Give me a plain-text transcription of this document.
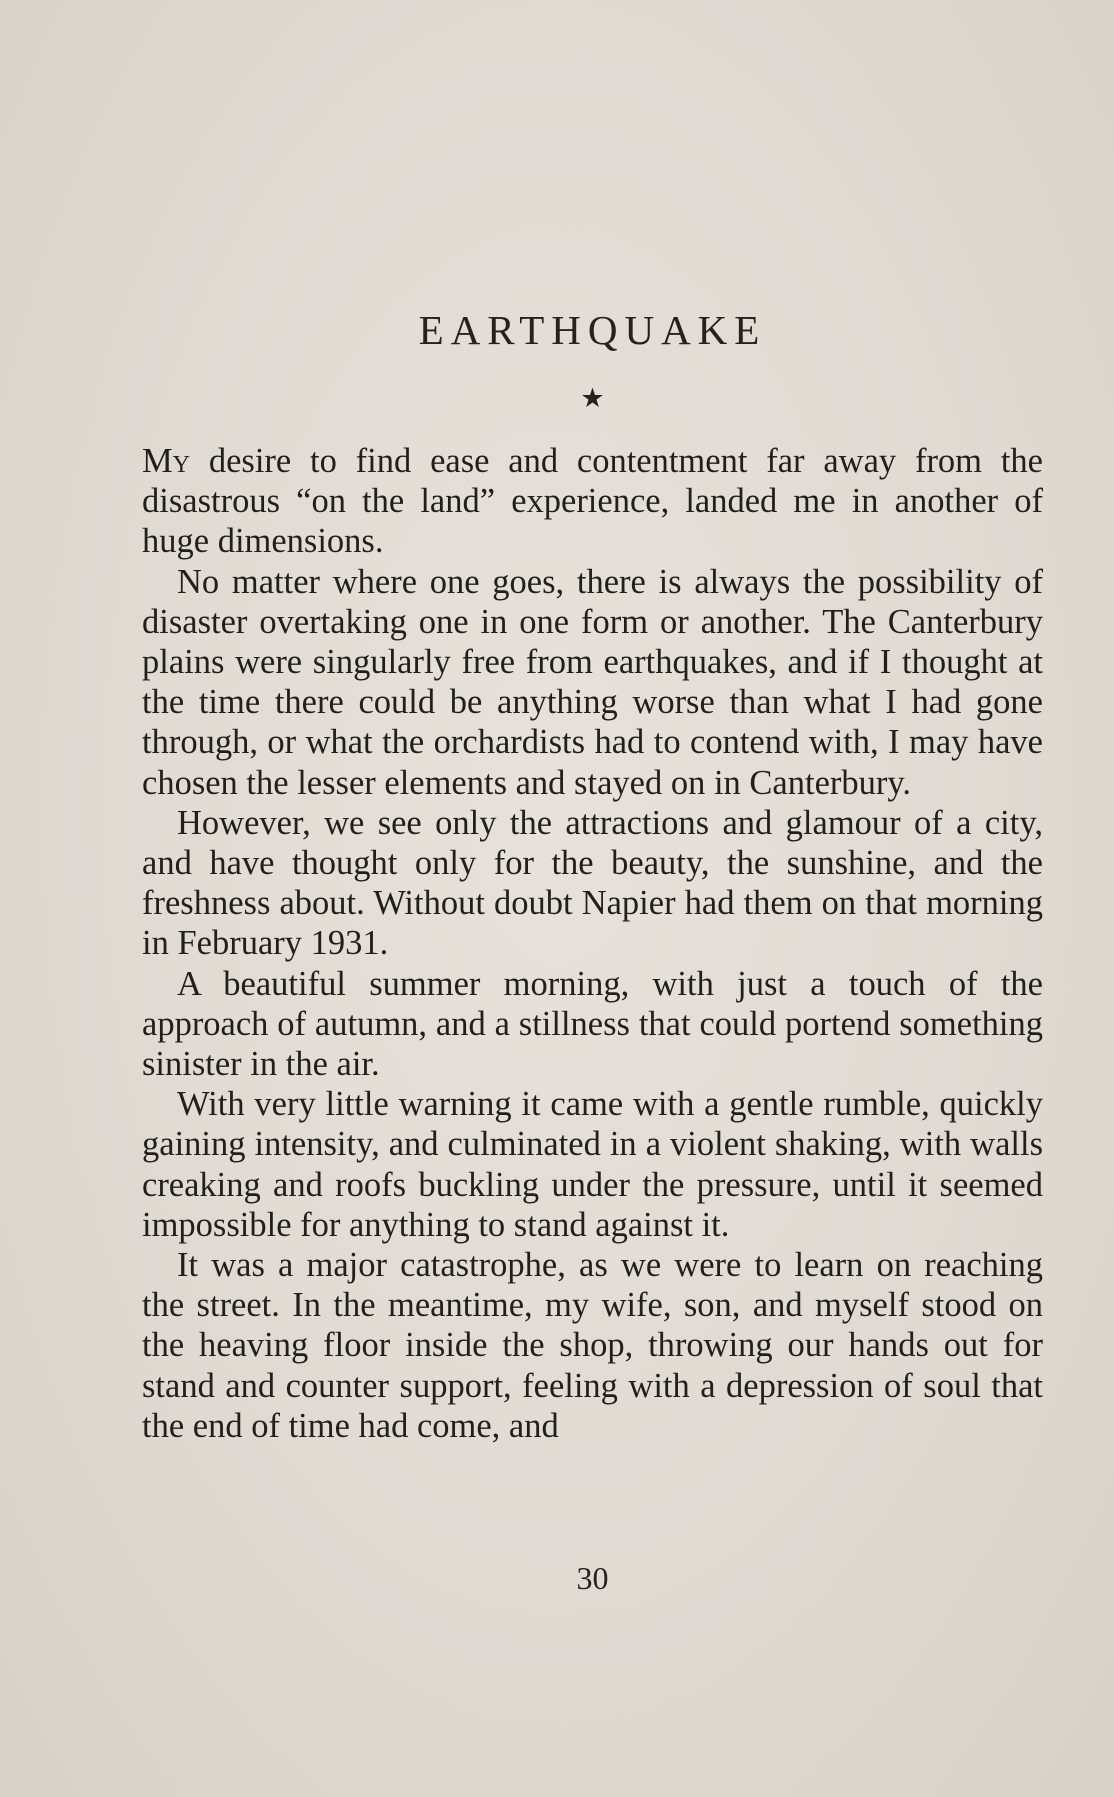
EARTHQUAKE
★

My desire to find ease and contentment far away from the disastrous “on the land” experience, landed me in another of huge dimensions.

No matter where one goes, there is always the possibility of disaster overtaking one in one form or another. The Canterbury plains were singularly free from earthquakes, and if I thought at the time there could be anything worse than what I had gone through, or what the orchardists had to contend with, I may have chosen the lesser elements and stayed on in Canterbury.

However, we see only the attractions and glamour of a city, and have thought only for the beauty, the sunshine, and the freshness about. Without doubt Napier had them on that morning in February 1931.

A beautiful summer morning, with just a touch of the approach of autumn, and a stillness that could portend something sinister in the air.

With very little warning it came with a gentle rumble, quickly gaining intensity, and culminated in a violent shaking, with walls creaking and roofs buckling under the pressure, until it seemed impossible for anything to stand against it.

It was a major catastrophe, as we were to learn on reaching the street. In the meantime, my wife, son, and myself stood on the heaving floor inside the shop, throwing our hands out for stand and counter support, feeling with a depression of soul that the end of time had come, and

30
